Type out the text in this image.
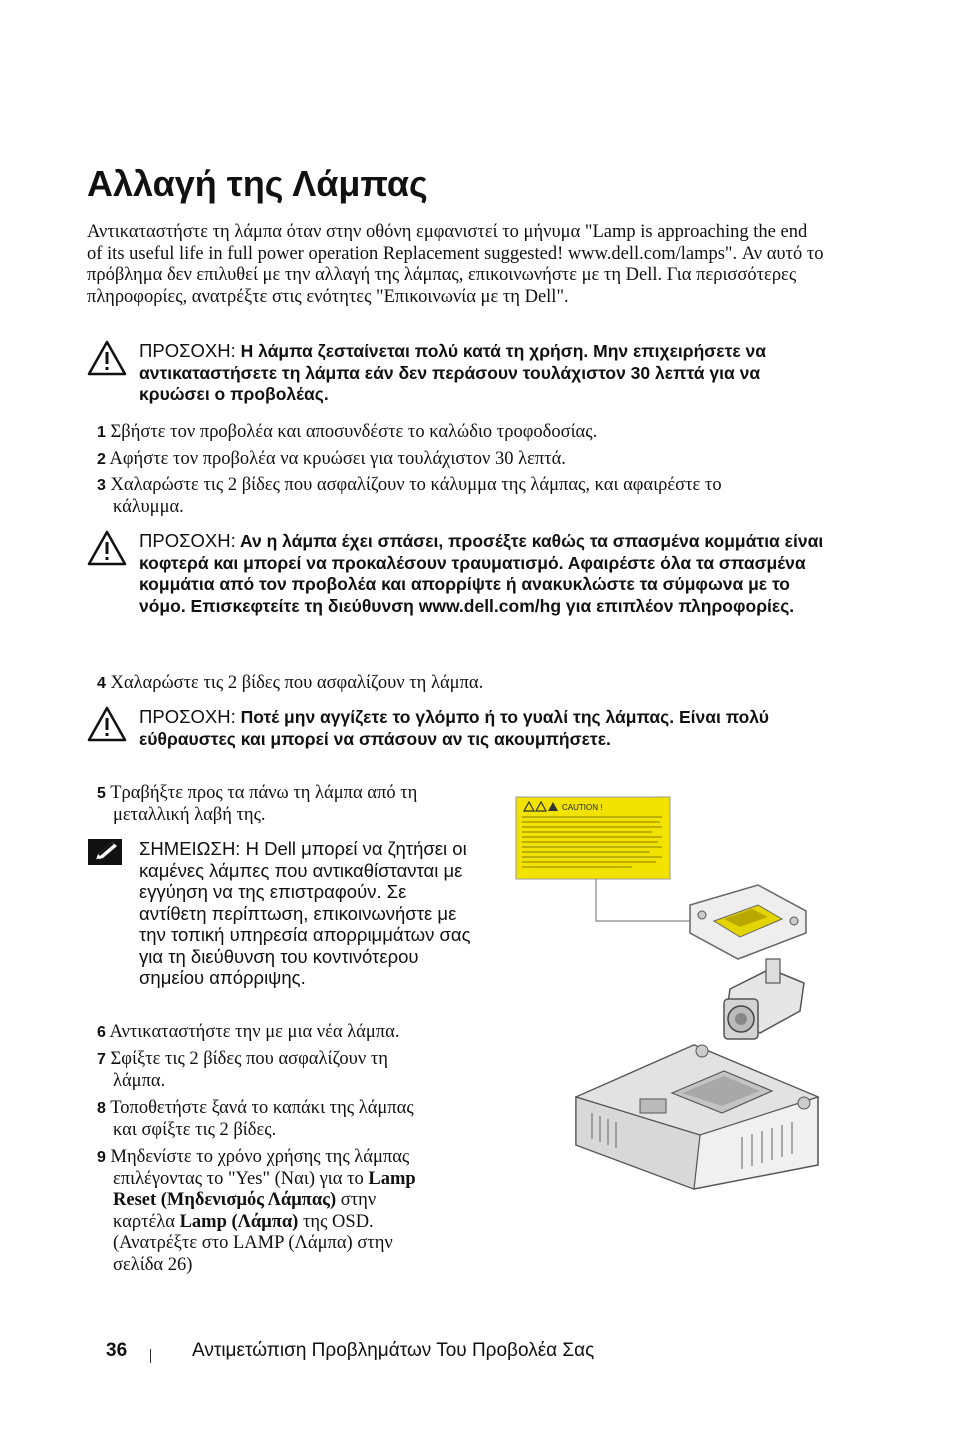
Αλλαγή της Λάμπας

Αντικαταστήστε τη λάμπα όταν στην οθόνη εμφανιστεί το μήνυμα "Lamp is approaching the end of its useful life in full power operation Replacement suggested! www.dell.com/lamps". Αν αυτό το πρόβλημα δεν επιλυθεί με την αλλαγή της λάμπας, επικοινωνήστε με τη Dell. Για περισσότερες πληροφορίες, ανατρέξτε στις ενότητες "Επικοινωνία με τη Dell".

ΠΡΟΣΟΧΗ: Η λάμπα ζεσταίνεται πολύ κατά τη χρήση. Μην επιχειρήσετε να αντικαταστήσετε τη λάμπα εάν δεν περάσουν τουλάχιστον 30 λεπτά για να κρυώσει ο προβολέας.

1 Σβήστε τον προβολέα και αποσυνδέστε το καλώδιο τροφοδοσίας.

2 Αφήστε τον προβολέα να κρυώσει για τουλάχιστον 30 λεπτά.

3 Χαλαρώστε τις 2 βίδες που ασφαλίζουν το κάλυμμα της λάμπας, και αφαιρέστε το
κάλυμμα.

ΠΡΟΣΟΧΗ: Αν η λάμπα έχει σπάσει, προσέξτε καθώς τα σπασμένα κομμάτια είναι κοφτερά και μπορεί να προκαλέσουν τραυματισμό. Αφαιρέστε όλα τα σπασμένα κομμάτια από τον προβολέα και απορρίψτε ή ανακυκλώστε τα σύμφωνα με το νόμο. Επισκεφτείτε τη διεύθυνση www.dell.com/hg για επιπλέον πληροφορίες.

4 Χαλαρώστε τις 2 βίδες που ασφαλίζουν τη λάμπα.

ΠΡΟΣΟΧΗ: Ποτέ μην αγγίζετε το γλόμπο ή το γυαλί της λάμπας. Είναι πολύ εύθραυστες και μπορεί να σπάσουν αν τις ακουμπήσετε.

5 Τραβήξτε προς τα πάνω τη λάμπα από τη
μεταλλική λαβή της.

ΣΗΜΕΙΩΣΗ: Η Dell μπορεί να ζητήσει οι καμένες λάμπες που αντικαθίστανται με εγγύηση να της επιστραφούν. Σε αντίθετη περίπτωση, επικοινωνήστε με την τοπική υπηρεσία απορριμμάτων σας για τη διεύθυνση του κοντινότερου σημείου απόρριψης.

6 Αντικαταστήστε την με μια νέα λάμπα.

7 Σφίξτε τις 2 βίδες που ασφαλίζουν τη
λάμπα.

8 Τοποθετήστε ξανά το καπάκι της λάμπας
και σφίξτε τις 2 βίδες.

9 Μηδενίστε το χρόνο χρήσης της λάμπας
επιλέγοντας το "Yes" (Ναι) για το Lamp
Reset (Μηδενισμός Λάμπας) στην
καρτέλα Lamp (Λάμπα) της OSD.
(Ανατρέξτε στο LAMP (Λάμπα) στην
σελίδα 26)

CAUTION !
36	Αντιμετώπιση Προβλημάτων Του Προβολέα Σας
